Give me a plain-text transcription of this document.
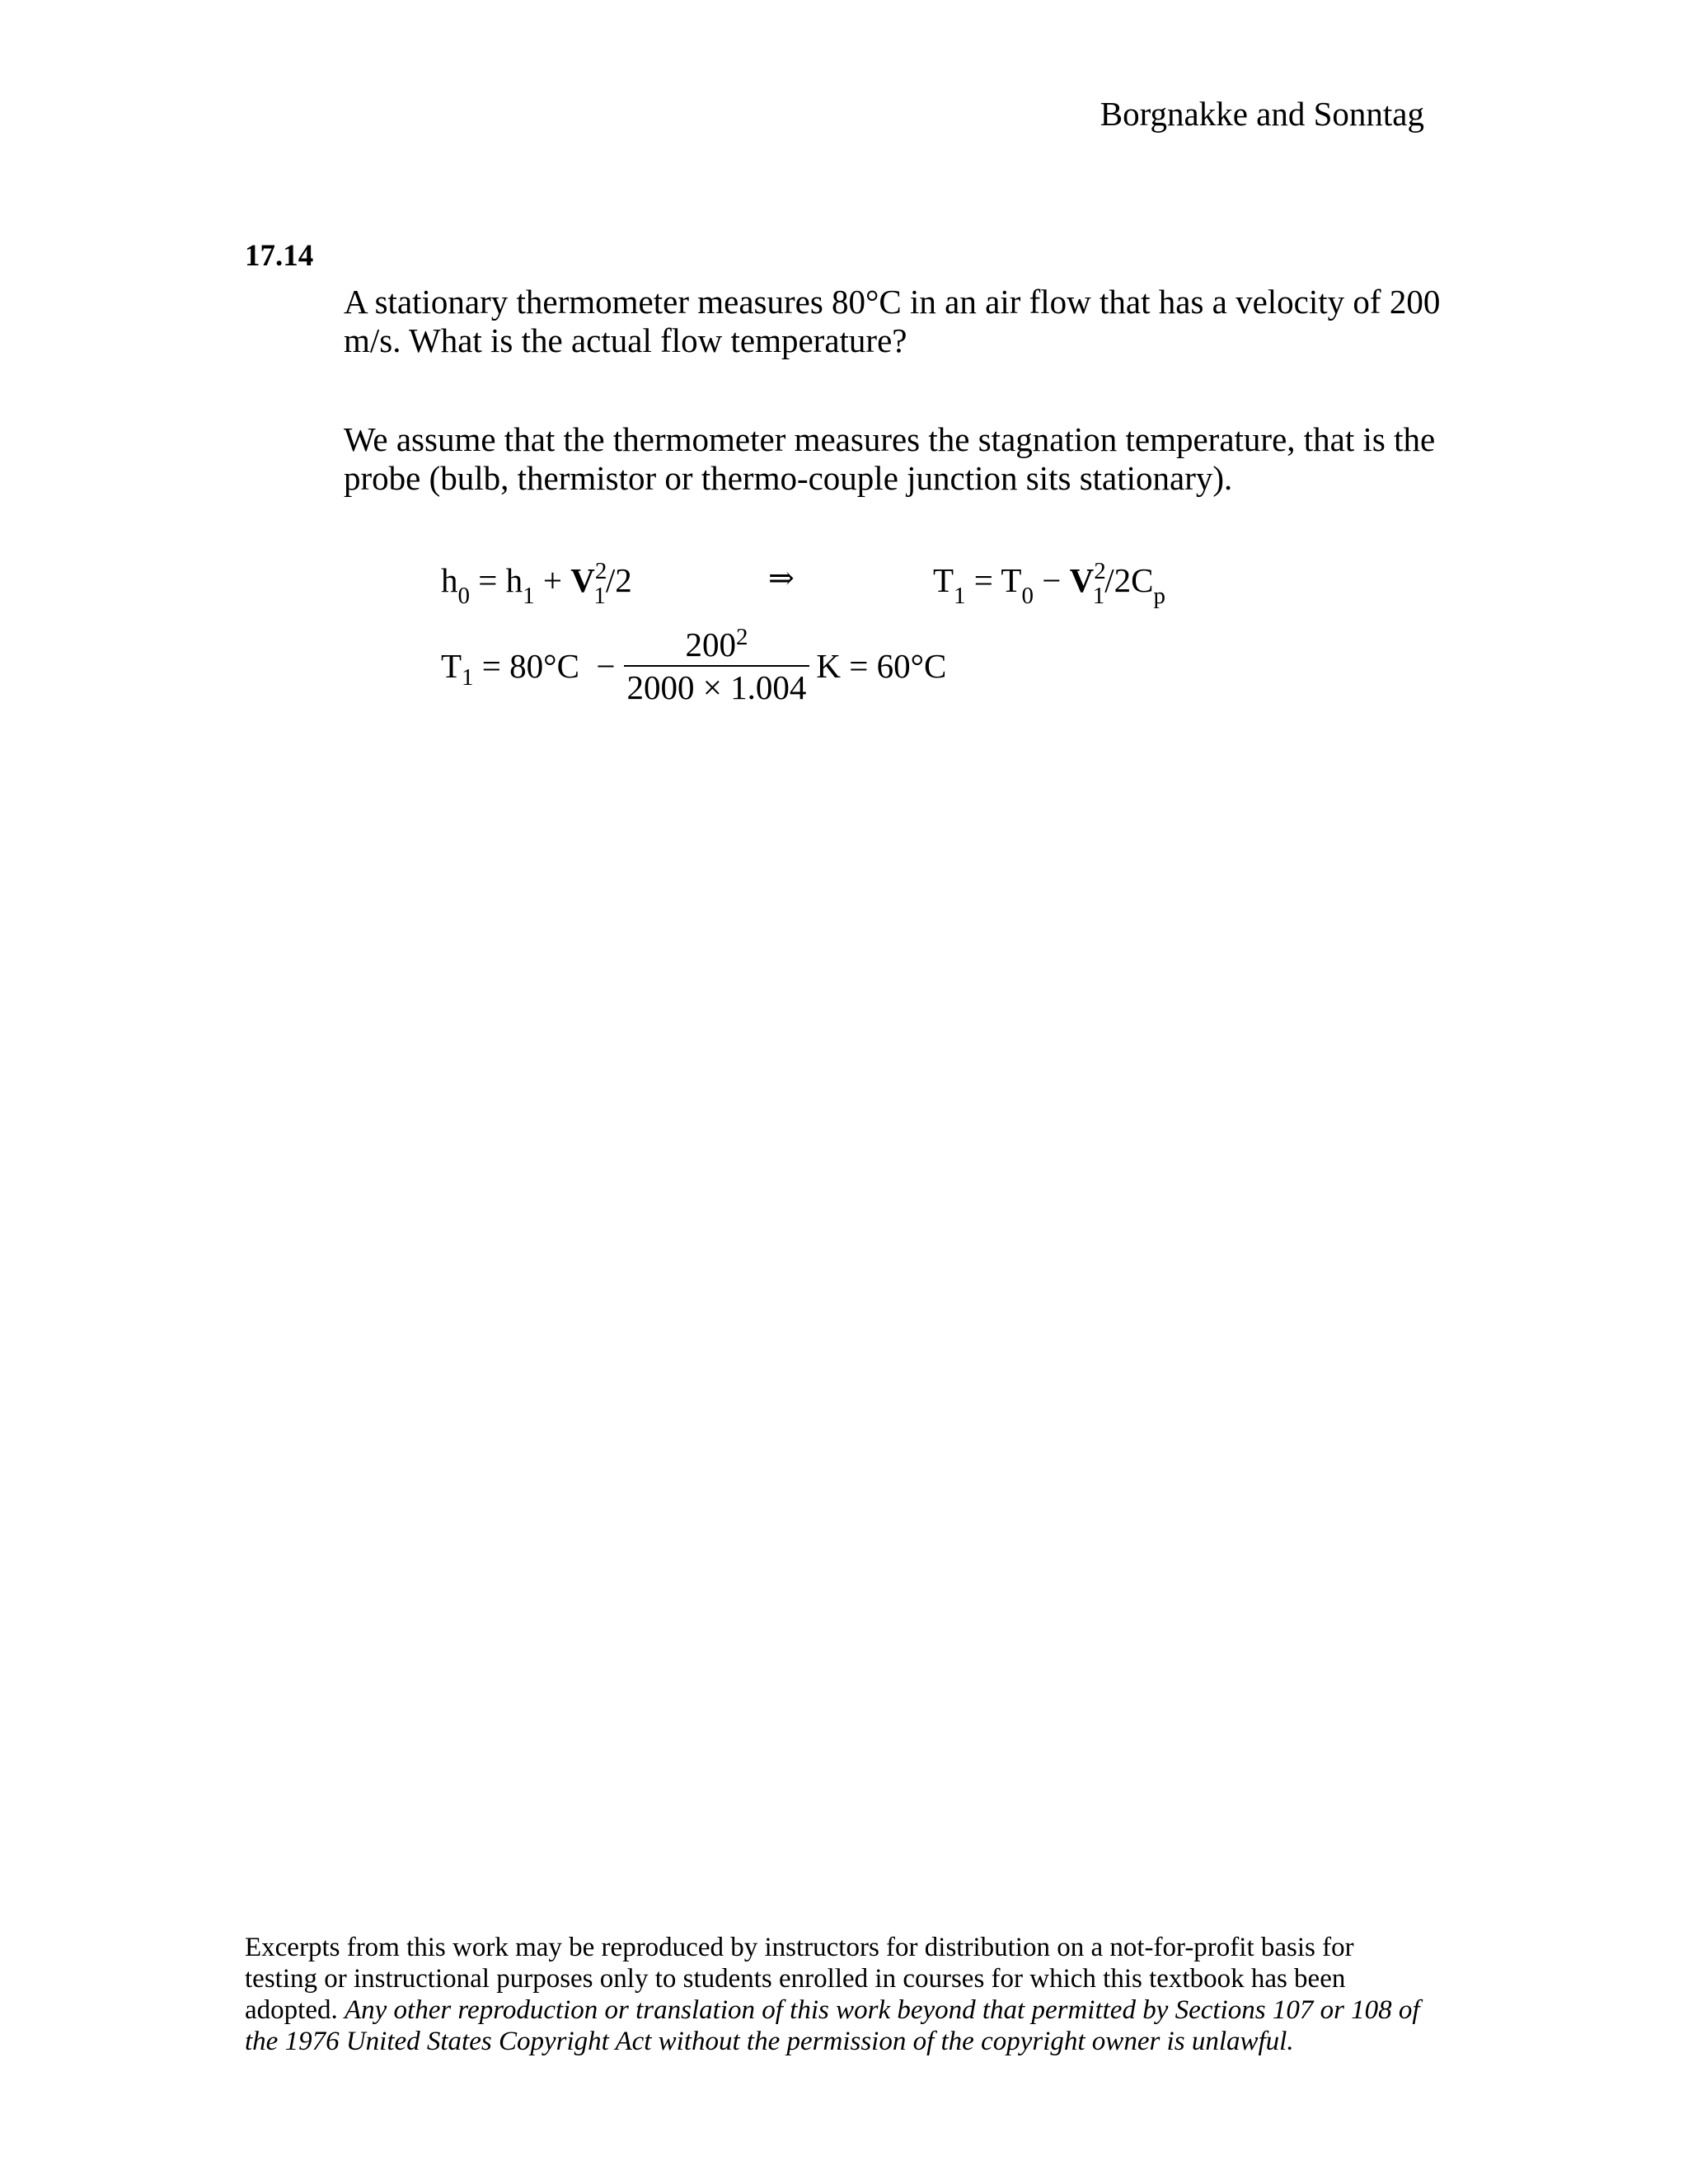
Borgnakke and Sonntag
17.14
A stationary thermometer measures 80°C in an air flow that has a velocity of 200 m/s. What is the actual flow temperature?
We assume that the thermometer measures the stagnation temperature, that is the probe (bulb, thermistor or thermo-couple junction sits stationary).
$h_0 = h_1 + V^2_1/2$	⇒	$T_1 = T_0 - V^2_1/2C_p$
T $1 = 80^\circ C - \frac{200^2}{2000 \times 1.004}$ K = 60°C
Excerpts from this work may be reproduced by instructors for distribution on a not-for-profit basis for testing or instructional purposes only to students enrolled in courses for which this textbook has been adopted. Any other reproduction or translation of this work beyond that permitted by Sections 107 or 108 of the 1976 United States Copyright Act without the permission of the copyright owner is unlawful.
